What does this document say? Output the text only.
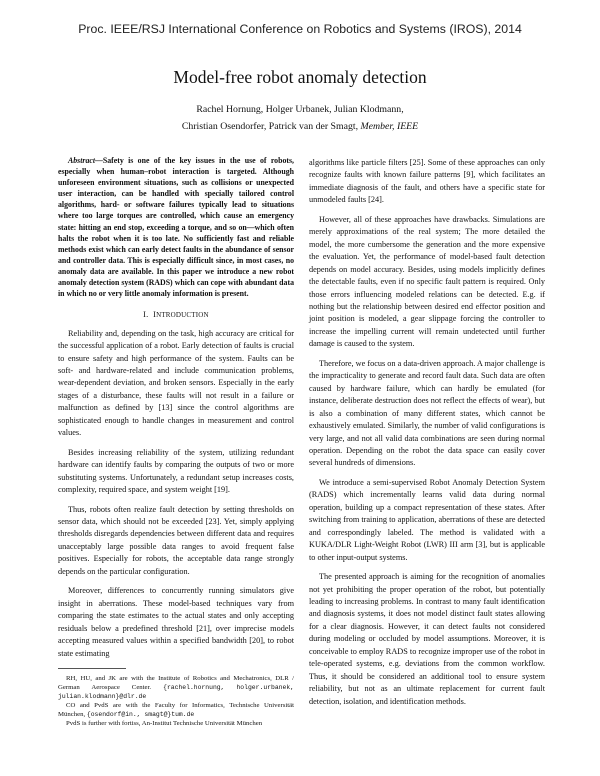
Proc. IEEE/RSJ International Conference on Robotics and Systems (IROS), 2014
Model-free robot anomaly detection
Rachel Hornung, Holger Urbanek, Julian Klodmann,
Christian Osendorfer, Patrick van der Smagt, Member, IEEE
Abstract—Safety is one of the key issues in the use of robots, especially when human–robot interaction is targeted. Although unforeseen environment situations, such as collisions or unexpected user interaction, can be handled with specially tailored control algorithms, hard- or software failures typically lead to situations where too large torques are controlled, which cause an emergency state: hitting an end stop, exceeding a torque, and so on—which often halts the robot when it is too late. No sufficiently fast and reliable methods exist which can early detect faults in the abundance of sensor and controller data. This is especially difficult since, in most cases, no anomaly data are available. In this paper we introduce a new robot anomaly detection system (RADS) which can cope with abundant data in which no or very little anomaly information is present.
I. INTRODUCTION

Reliability and, depending on the task, high accuracy are critical for the successful application of a robot. Early detection of faults is crucial to ensure safety and high performance of the system. Faults can be soft- and hardware-related and include communication problems, wear-dependent deviation, and broken sensors. Especially in the early stages of a disturbance, these faults will not result in a failure or malfunction as defined by [13] since the control algorithms are sophisticated enough to handle changes in measurement and control values.

Besides increasing reliability of the system, utilizing redundant hardware can identify faults by comparing the outputs of two or more substituting systems. Unfortunately, a redundant setup increases costs, complexity, required space, and system weight [19].

Thus, robots often realize fault detection by setting thresholds on sensor data, which should not be exceeded [23]. Yet, simply applying thresholds disregards dependencies between different data and requires unacceptably large possible data ranges to avoid frequent false positives. Especially for robots, the acceptable data range strongly depends on the particular configuration.

Moreover, differences to concurrently running simulators give insight in aberrations. These model-based techniques vary from comparing the state estimates to the actual states and only accepting residuals below a predefined threshold [21], over imprecise models accepting measured values within a specified bandwidth [20], to robot state estimating

RH, HU, and JK are with the Institute of Robotics and Mechatronics, DLR / German Aerospace Center. {rachel.hornung, holger.urbanek, julian.klodmann}@dlr.de

CO and PvdS are with the Faculty for Informatics, Technische Universität München, {osendorf@in., smagt@}tum.de

PvdS is further with fortiss, An-Institut Technische Universität München

algorithms like particle filters [25]. Some of these approaches can only recognize faults with known failure patterns [9], which facilitates an immediate diagnosis of the fault, and others have a specific state for unmodeled faults [24].

However, all of these approaches have drawbacks. Simulations are merely approximations of the real system; The more detailed the model, the more cumbersome the generation and the more expensive the evaluation. Yet, the performance of model-based fault detection depends on model accuracy. Besides, using models implicitly defines the detectable faults, even if no specific fault pattern is required. Only those errors influencing modeled relations can be detected. E.g. if nothing but the relationship between desired end effector position and joint position is modeled, a gear slippage forcing the controller to increase the impelling current will remain undetected until further damage is caused to the system.

Therefore, we focus on a data-driven approach. A major challenge is the impracticality to generate and record fault data. Such data are often caused by hardware failure, which can hardly be emulated (for instance, deliberate destruction does not reflect the effects of wear), but is also a combination of many different states, which cannot be exhaustively emulated. Similarly, the number of valid configurations is very large, and not all valid data combinations are seen during normal operation. Depending on the robot the data space can easily cover several hundreds of dimensions.

We introduce a semi-supervised Robot Anomaly Detection System (RADS) which incrementally learns valid data during normal operation, building up a compact representation of these states. After switching from training to application, aberrations of these are detected and correspondingly labeled. The method is validated with a KUKA/DLR Light-Weight Robot (LWR) III arm [3], but is applicable to other input-output systems.

The presented approach is aiming for the recognition of anomalies not yet prohibiting the proper operation of the robot, but potentially leading to increasing problems. In contrast to many fault identification and diagnosis systems, it does not model distinct fault states allowing for a clear diagnosis. However, it can detect faults not considered during modeling or occluded by model assumptions. Moreover, it is conceivable to employ RADS to recognize improper use of the robot in tele-operated systems, e.g. deviations from the common workflow. Thus, it should be considered an additional tool to ensure system reliability, but not as an ultimate replacement for current fault detection, isolation, and identification methods.
